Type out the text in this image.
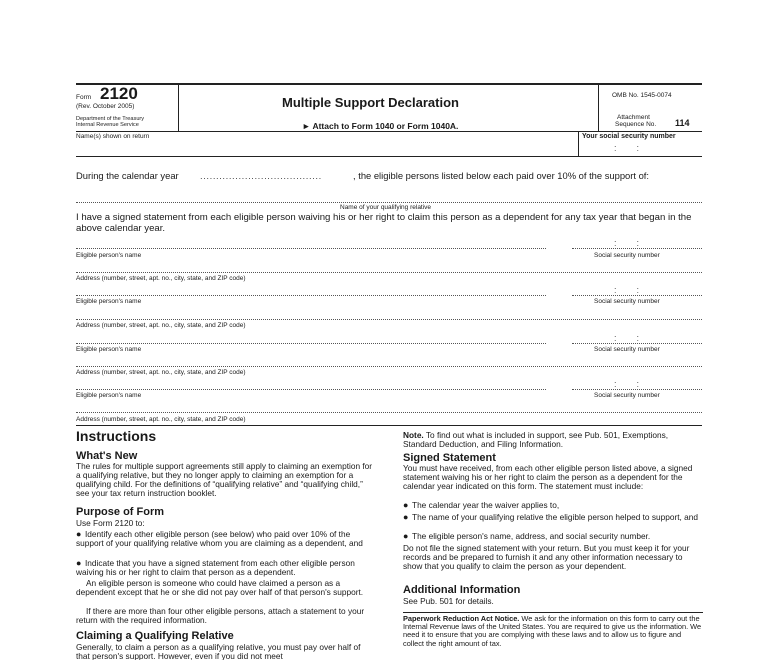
Form 2120
(Rev. October 2005)
Department of the Treasury
Internal Revenue Service
Multiple Support Declaration
► Attach to Form 1040 or Form 1040A.
OMB No. 1545-0074
Attachment
Sequence No. 114
Name(s) shown on return	Your social security number
:        :
During the calendar year ......................................	, the eligible persons listed below each paid over 10% of the support of:
Name of your qualifying relative
I have a signed statement from each eligible person waiving his or her right to claim this person as a dependent for any tax year that began in the above calendar year.
:        :
Eligible person's name	Social security number
Address (number, street, apt. no., city, state, and ZIP code)
:        :
Eligible person's name	Social security number
Address (number, street, apt. no., city, state, and ZIP code)
:        :
Eligible person's name	Social security number
Address (number, street, apt. no., city, state, and ZIP code)
:        :
Eligible person's name	Social security number
Address (number, street, apt. no., city, state, and ZIP code)
Instructions
What's New
The rules for multiple support agreements still apply to claiming an exemption for a qualifying relative, but they no longer apply to claiming an exemption for a qualifying child. For the definitions of “qualifying relative” and “qualifying child,” see your tax return instruction booklet.
Purpose of Form
Use Form 2120 to:
● Identify each other eligible person (see below) who paid over 10% of the support of your qualifying relative whom you are claiming as a dependent, and
● Indicate that you have a signed statement from each other eligible person waiving his or her right to claim that person as a dependent.
An eligible person is someone who could have claimed a person as a dependent except that he or she did not pay over half of that person's support.
If there are more than four other eligible persons, attach a statement to your return with the required information.
Claiming a Qualifying Relative
Generally, to claim a person as a qualifying relative, you must pay over half of that person's support. However, even if you did not meet
Note. To find out what is included in support, see Pub. 501, Exemptions, Standard Deduction, and Filing Information.
Signed Statement
You must have received, from each other eligible person listed above, a signed statement waiving his or her right to claim the person as a dependent for the calendar year indicated on this form. The statement must include:
● The calendar year the waiver applies to,
● The name of your qualifying relative the eligible person helped to support, and
● The eligible person's name, address, and social security number.
Do not file the signed statement with your return. But you must keep it for your records and be prepared to furnish it and any other information necessary to show that you qualify to claim the person as your dependent.
Additional Information
See Pub. 501 for details.
Paperwork Reduction Act Notice. We ask for the information on this form to carry out the Internal Revenue laws of the United States. You are required to give us the information. We need it to ensure that you are complying with these laws and to allow us to figure and collect the right amount of tax.
